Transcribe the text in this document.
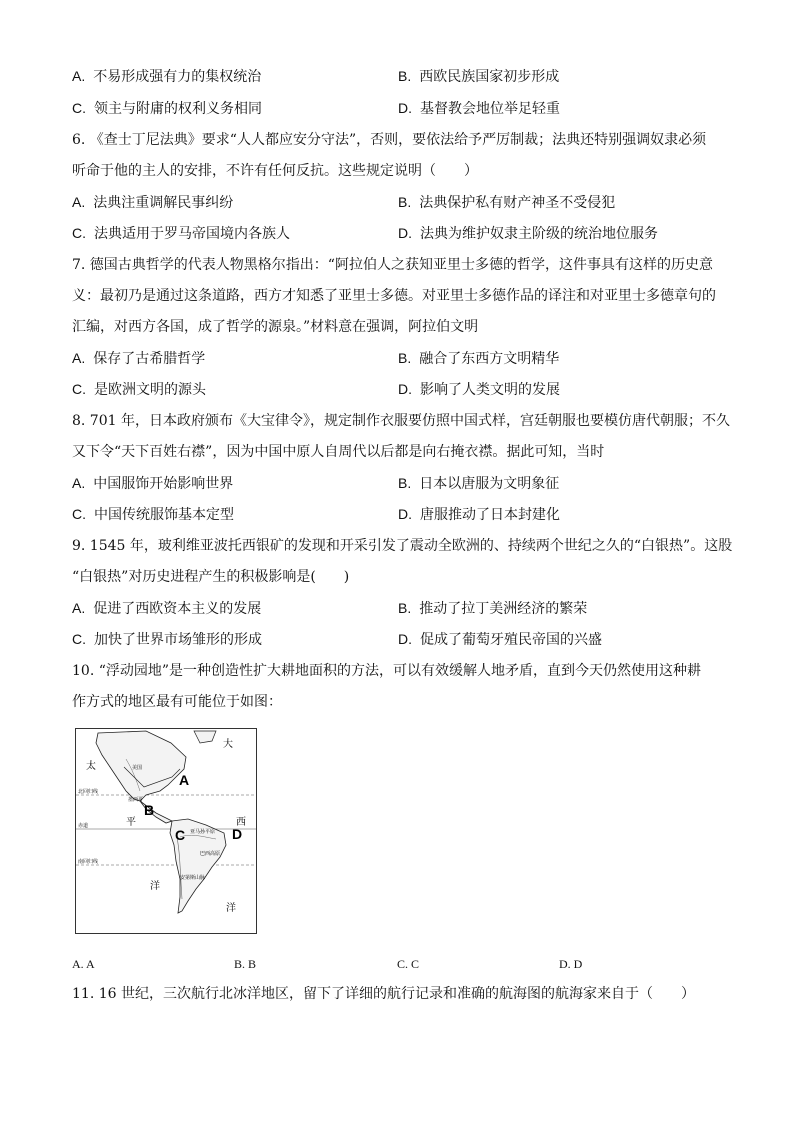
A. 不易形成强有力的集权统治	B. 西欧民族国家初步形成
C. 领主与附庸的权利义务相同	D. 基督教会地位举足轻重
6. 《查士丁尼法典》要求“人人都应安分守法”，否则，要依法给予严厉制裁；法典还特别强调奴隶必须
听命于他的主人的安排，不许有任何反抗。这些规定说明（　　）
A. 法典注重调解民事纠纷	B. 法典保护私有财产神圣不受侵犯
C. 法典适用于罗马帝国境内各族人	D. 法典为维护奴隶主阶级的统治地位服务
7. 德国古典哲学的代表人物黑格尔指出：“阿拉伯人之获知亚里士多德的哲学，这件事具有这样的历史意
义：最初乃是通过这条道路，西方才知悉了亚里士多德。对亚里士多德作品的译注和对亚里士多德章句的
汇编，对西方各国，成了哲学的源泉。”材料意在强调，阿拉伯文明
A. 保存了古希腊哲学	B. 融合了东西方文明精华
C. 是欧洲文明的源头	D. 影响了人类文明的发展
8. 701 年，日本政府颁布《大宝律令》，规定制作衣服要仿照中国式样，宫廷朝服也要模仿唐代朝服；不久
又下令“天下百姓右襟”，因为中国中原人自周代以后都是向右掩衣襟。据此可知，当时
A. 中国服饰开始影响世界	B. 日本以唐服为文明象征
C. 中国传统服饰基本定型	D. 唐服推动了日本封建化
9. 1545 年，玻利维亚波托西银矿的发现和开采引发了震动全欧洲的、持续两个世纪之久的“白银热”。这股
“白银热”对历史进程产生的积极影响是(　　)
A. 促进了西欧资本主义的发展	B. 推动了拉丁美洲经济的繁荣
C. 加快了世界市场雏形的形成	D. 促成了葡萄牙殖民帝国的兴盛
10. “浮动园地”是一种创造性扩大耕地面积的方法，可以有效缓解人地矛盾，直到今天仍然使用这种耕
作方式的地区最有可能位于如图：
A
B
C	D
大
太
平	西
洋
洋
北回归线
赤道
南回归线
美国
墨西哥
巴西高原
亚马孙平原
安第斯山脉
A. A	B. B	C. C	D. D
11. 16 世纪，三次航行北冰洋地区，留下了详细的航行记录和准确的航海图的航海家来自于（　　）
